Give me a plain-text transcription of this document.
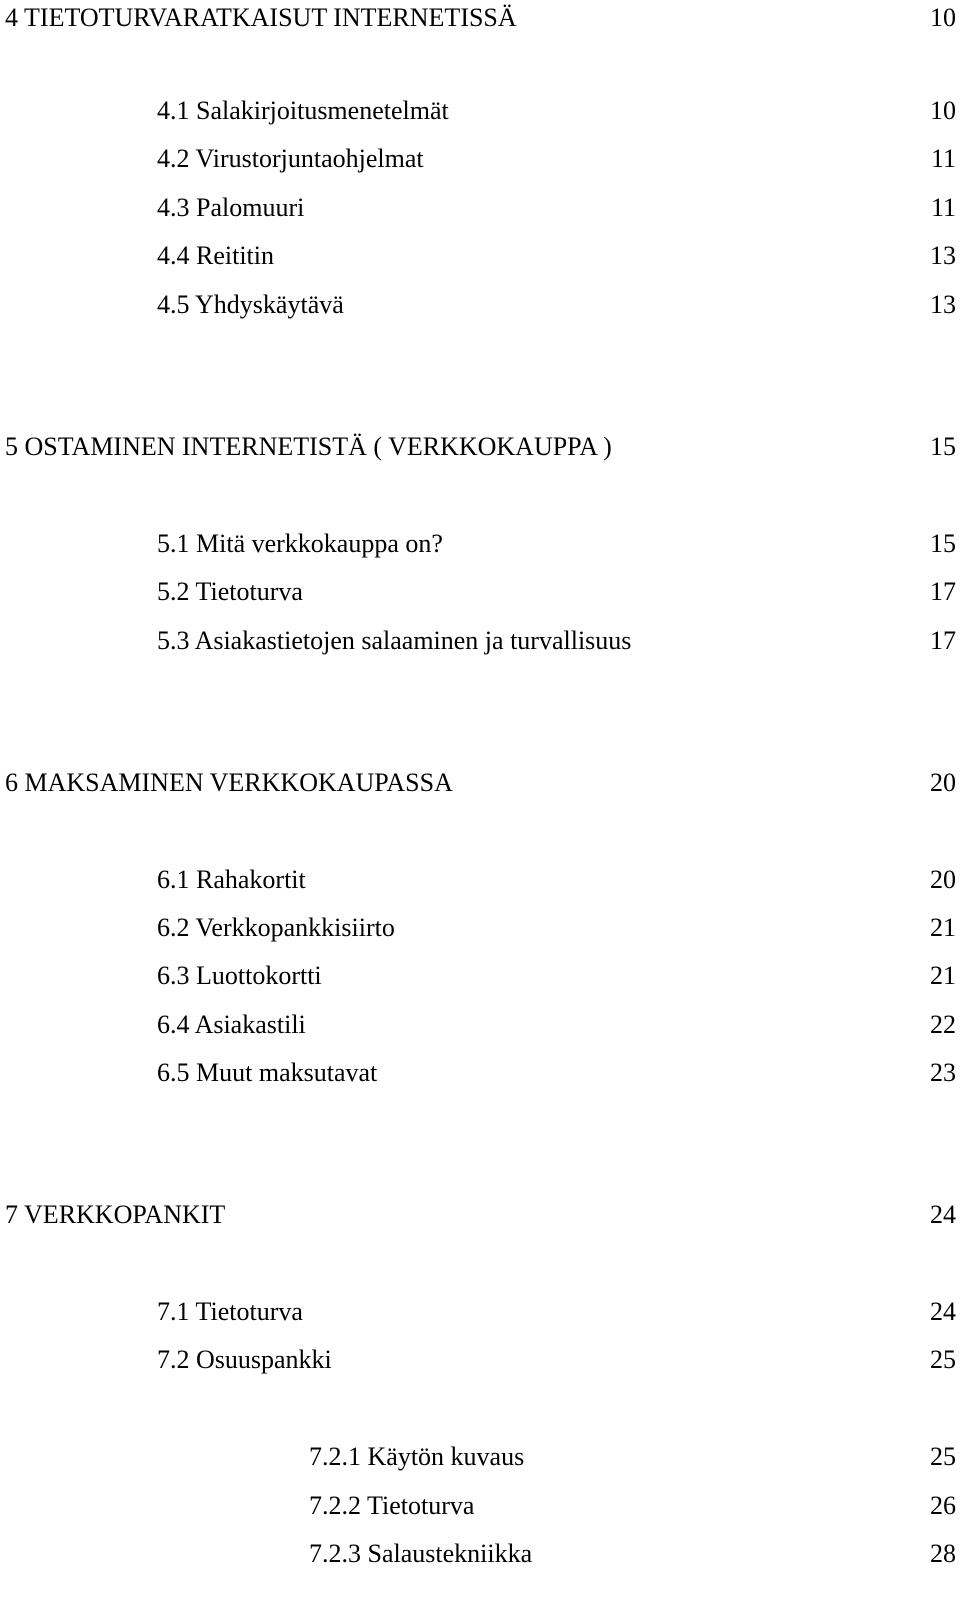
4 TIETOTURVARATKAISUT INTERNETISSÄ	10
4.1 Salakirjoitusmenetelmät	10
4.2 Virustorjuntaohjelmat	11
4.3 Palomuuri	11
4.4 Reititin	13
4.5 Yhdyskäytävä	13
5 OSTAMINEN INTERNETISTÄ ( VERKKOKAUPPA )	15
5.1 Mitä verkkokauppa on?	15
5.2 Tietoturva	17
5.3 Asiakastietojen salaaminen ja turvallisuus	17
6 MAKSAMINEN VERKKOKAUPASSA	20
6.1 Rahakortit	20
6.2 Verkkopankkisiirto	21
6.3 Luottokortti	21
6.4 Asiakastili	22
6.5 Muut maksutavat	23
7 VERKKOPANKIT	24
7.1 Tietoturva	24
7.2 Osuuspankki	25
7.2.1 Käytön kuvaus	25
7.2.2 Tietoturva	26
7.2.3 Salaustekniikka	28
